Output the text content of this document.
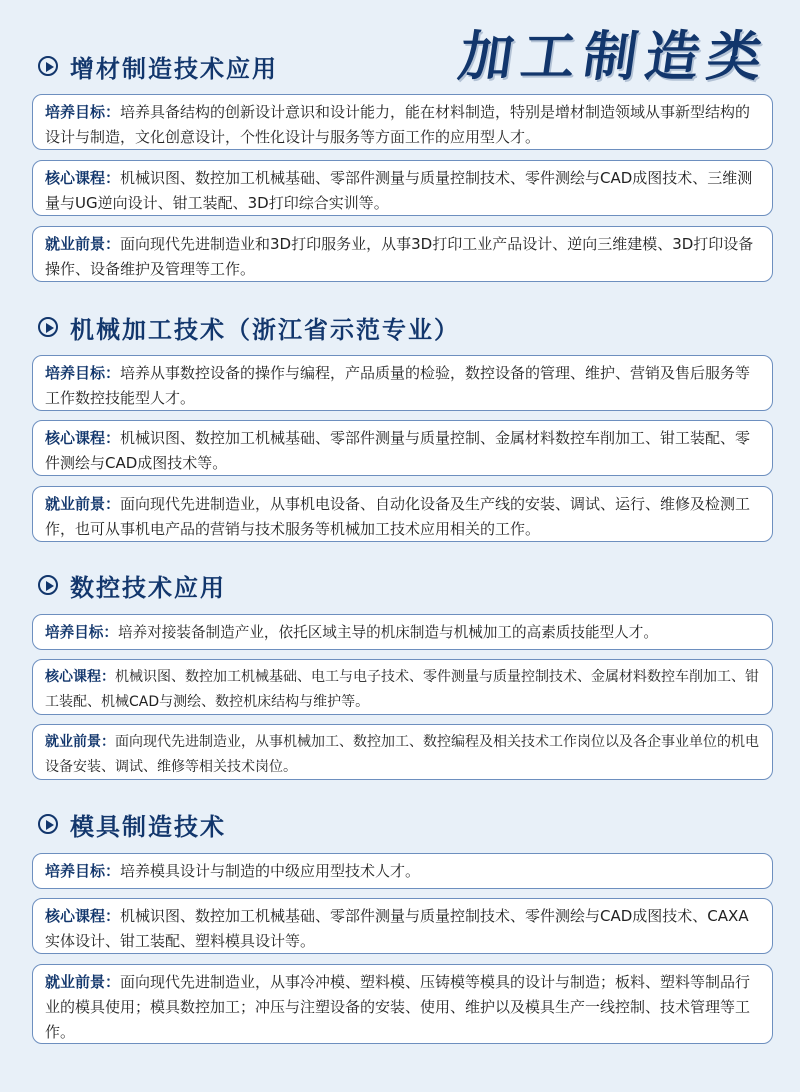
加工制造类
增材制造技术应用
培养目标：培养具备结构的创新设计意识和设计能力，能在材料制造，特别是增材制造领域从事新型结构的设计与制造，文化创意设计，个性化设计与服务等方面工作的应用型人才。
核心课程：机械识图、数控加工机械基础、零部件测量与质量控制技术、零件测绘与CAD成图技术、三维测量与UG逆向设计、钳工装配、3D打印综合实训等。
就业前景：面向现代先进制造业和3D打印服务业，从事3D打印工业产品设计、逆向三维建模、3D打印设备操作、设备维护及管理等工作。
机械加工技术（浙江省示范专业）
培养目标：培养从事数控设备的操作与编程，产品质量的检验，数控设备的管理、维护、营销及售后服务等工作数控技能型人才。
核心课程：机械识图、数控加工机械基础、零部件测量与质量控制、金属材料数控车削加工、钳工装配、零件测绘与CAD成图技术等。
就业前景：面向现代先进制造业，从事机电设备、自动化设备及生产线的安装、调试、运行、维修及检测工作，也可从事机电产品的营销与技术服务等机械加工技术应用相关的工作。
数控技术应用
培养目标：培养对接装备制造产业，依托区域主导的机床制造与机械加工的高素质技能型人才。
核心课程：机械识图、数控加工机械基础、电工与电子技术、零件测量与质量控制技术、金属材料数控车削加工、钳工装配、机械CAD与测绘、数控机床结构与维护等。
就业前景：面向现代先进制造业，从事机械加工、数控加工、数控编程及相关技术工作岗位以及各企事业单位的机电设备安装、调试、维修等相关技术岗位。
模具制造技术
培养目标：培养模具设计与制造的中级应用型技术人才。
核心课程：机械识图、数控加工机械基础、零部件测量与质量控制技术、零件测绘与CAD成图技术、CAXA实体设计、钳工装配、塑料模具设计等。
就业前景：面向现代先进制造业，从事冷冲模、塑料模、压铸模等模具的设计与制造；板料、塑料等制品行业的模具使用；模具数控加工；冲压与注塑设备的安装、使用、维护以及模具生产一线控制、技术管理等工作。
